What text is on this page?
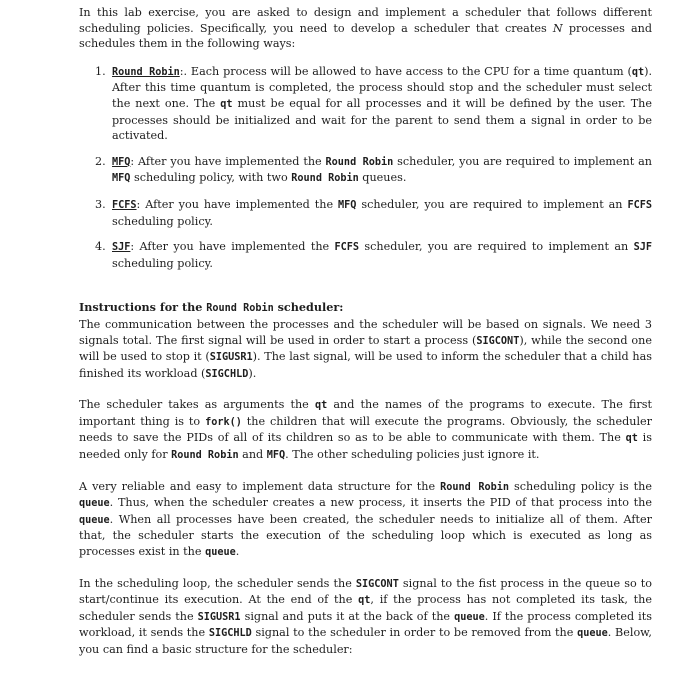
In this lab exercise, you are asked to design and implement a scheduler that follows different scheduling policies. Specifically, you need to develop a scheduler that creates N processes and schedules them in the following ways:

1. Round Robin:. Each process will be allowed to have access to the CPU for a time quantum (qt). After this time quantum is completed, the process should stop and the scheduler must select the next one. The qt must be equal for all processes and it will be defined by the user. The processes should be initialized and wait for the parent to send them a signal in order to be activated.
2. MFQ: After you have implemented the Round Robin scheduler, you are required to implement an MFQ scheduling policy, with two Round Robin queues.
3. FCFS: After you have implemented the MFQ scheduler, you are required to implement an FCFS scheduling policy.
4. SJF: After you have implemented the FCFS scheduler, you are required to implement an SJF scheduling policy.

Instructions for the Round Robin scheduler:

The communication between the processes and the scheduler will be based on signals. We need 3 signals total. The first signal will be used in order to start a process (SIGCONT), while the second one will be used to stop it (SIGUSR1). The last signal, will be used to inform the scheduler that a child has finished its workload (SIGCHLD).

The scheduler takes as arguments the qt and the names of the programs to execute. The first important thing is to fork() the children that will execute the programs. Obviously, the scheduler needs to save the PIDs of all of its children so as to be able to communicate with them. The qt is needed only for Round Robin and MFQ. The other scheduling policies just ignore it.

A very reliable and easy to implement data structure for the Round Robin scheduling policy is the queue. Thus, when the scheduler creates a new process, it inserts the PID of that process into the queue. When all processes have been created, the scheduler needs to initialize all of them. After that, the scheduler starts the execution of the scheduling loop which is executed as long as processes exist in the queue.

In the scheduling loop, the scheduler sends the SIGCONT signal to the fist process in the queue so to start/continue its execution. At the end of the qt, if the process has not completed its task, the scheduler sends the SIGUSR1 signal and puts it at the back of the queue. If the process completed its workload, it sends the SIGCHLD signal to the scheduler in order to be removed from the queue. Below, you can find a basic structure for the scheduler:
